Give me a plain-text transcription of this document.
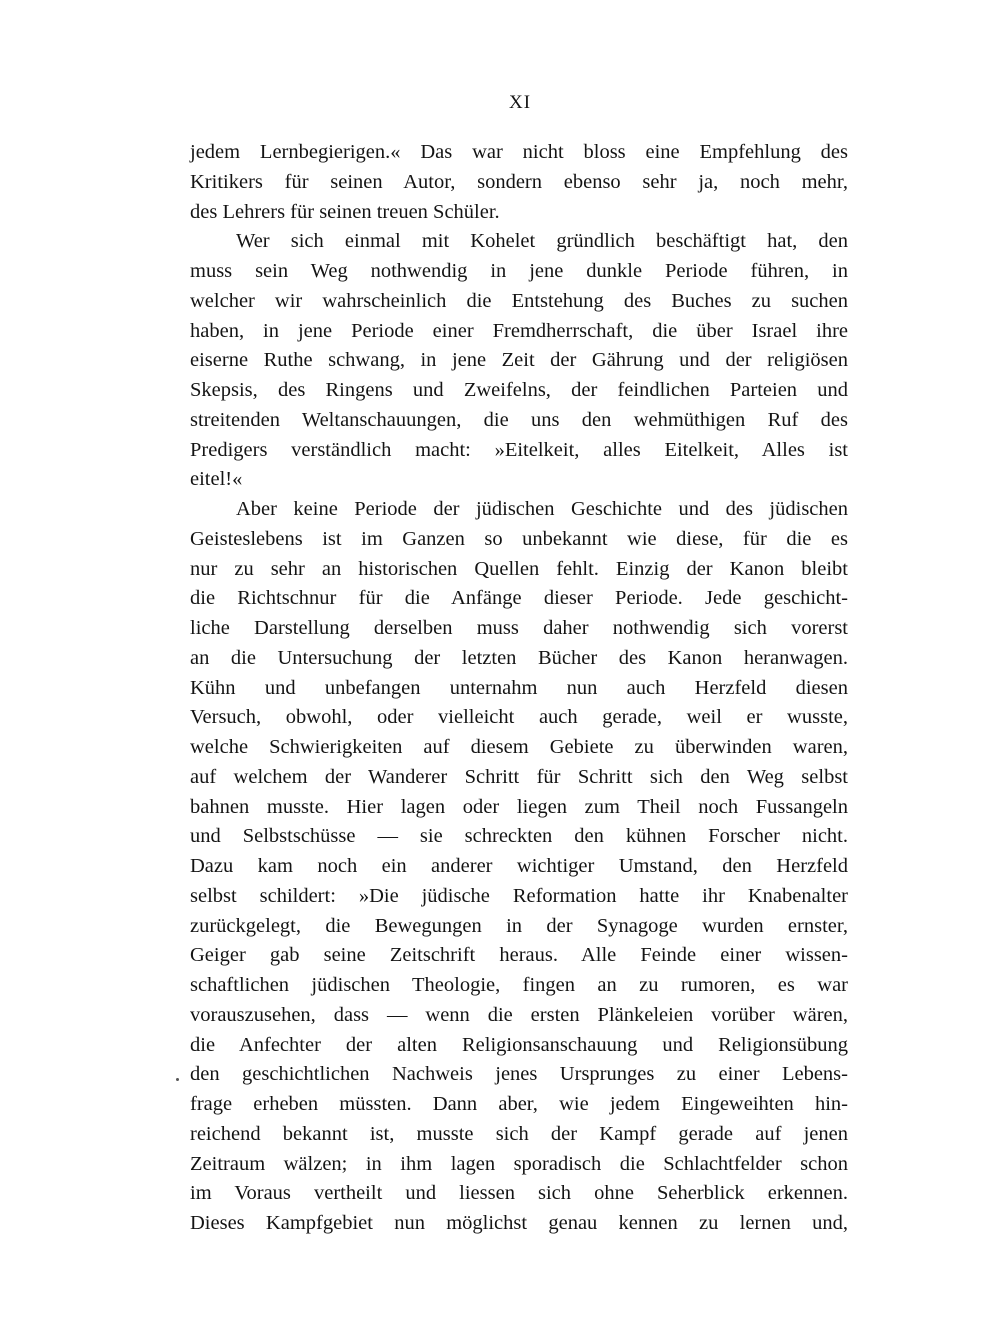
XI
jedem Lernbegierigen.« Das war nicht bloss eine Empfehlung des
Kritikers für seinen Autor, sondern ebenso sehr ja, noch mehr,
des Lehrers für seinen treuen Schüler.
Wer sich einmal mit Kohelet gründlich beschäftigt hat, den
muss sein Weg nothwendig in jene dunkle Periode führen, in
welcher wir wahrscheinlich die Entstehung des Buches zu suchen
haben, in jene Periode einer Fremdherrschaft, die über Israel ihre
eiserne Ruthe schwang, in jene Zeit der Gährung und der religiösen
Skepsis, des Ringens und Zweifelns, der feindlichen Parteien und
streitenden Weltanschauungen, die uns den wehmüthigen Ruf des
Predigers verständlich macht: »Eitelkeit, alles Eitelkeit, Alles ist
eitel!«
Aber keine Periode der jüdischen Geschichte und des jüdischen
Geisteslebens ist im Ganzen so unbekannt wie diese, für die es
nur zu sehr an historischen Quellen fehlt. Einzig der Kanon bleibt
die Richtschnur für die Anfänge dieser Periode. Jede geschicht-
liche Darstellung derselben muss daher nothwendig sich vorerst
an die Untersuchung der letzten Bücher des Kanon heranwagen.
Kühn und unbefangen unternahm nun auch Herzfeld diesen
Versuch, obwohl, oder vielleicht auch gerade, weil er wusste,
welche Schwierigkeiten auf diesem Gebiete zu überwinden waren,
auf welchem der Wanderer Schritt für Schritt sich den Weg selbst
bahnen musste. Hier lagen oder liegen zum Theil noch Fussangeln
und Selbstschüsse — sie schreckten den kühnen Forscher nicht.
Dazu kam noch ein anderer wichtiger Umstand, den Herzfeld
selbst schildert: »Die jüdische Reformation hatte ihr Knabenalter
zurückgelegt, die Bewegungen in der Synagoge wurden ernster,
Geiger gab seine Zeitschrift heraus. Alle Feinde einer wissen-
schaftlichen jüdischen Theologie, fingen an zu rumoren, es war
vorauszusehen, dass — wenn die ersten Plänkeleien vorüber wären,
die Anfechter der alten Religionsanschauung und Religionsübung
den geschichtlichen Nachweis jenes Ursprunges zu einer Lebens-
frage erheben müssten. Dann aber, wie jedem Eingeweihten hin-
reichend bekannt ist, musste sich der Kampf gerade auf jenen
Zeitraum wälzen; in ihm lagen sporadisch die Schlachtfelder schon
im Voraus vertheilt und liessen sich ohne Seherblick erkennen.
Dieses Kampfgebiet nun möglichst genau kennen zu lernen und,
